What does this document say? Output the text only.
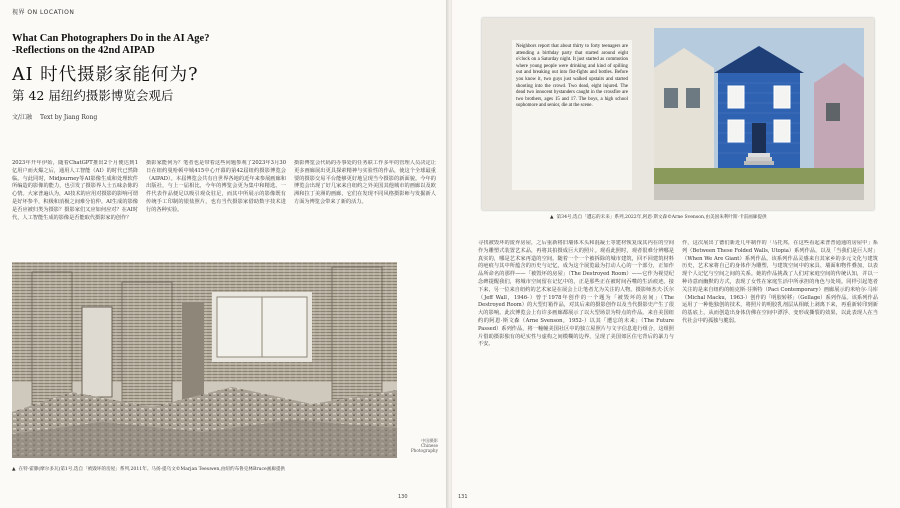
视界 ON LOCATION
What Can Photographers Do in the AI Age?
-Reflections on the 42nd AIPAD
AI 时代摄影家能何为?
第 42 届纽约摄影博览会观后
文/江融 Text by Jiang Rong

2023年开年伊始，随着ChatGPT推出2个月便达到1亿用户而火爆之后，通用人工智能（AI）的时代已然降临。与此同时，Midjourney等AI影像生成和处理软件所编造的影像的能力，也引发了摄影界人士五味杂陈的心情。大家普遍认为，AI技术的应用对摄影的影响可谓是好坏参半，积极和消极之间难分伯仲。AI生成的影像是否应被归类为摄影？摄影家们又应如何应对？在AI时代，人工智能生成的影像是否能取代摄影家的创作？

摄影家能何为？笔者也是带着这些问题参观了2023年3月30日在纽约曼哈顿中城415中心开幕的第42届纽约摄影博览会（AIPAD）。本届博览会共有自世界各地的近年来参展画廊和出版社，与上一届相比，今年的博览会更为集中和精选。一件代表作品便足以吸引观众驻足，而其中所展示的影像既有传统手工印制的银盐照片，也有当代摄影家借助数字技术进行的各种实验。

摄影博览会代码的办事处的任务联工作多年的管理人员决定让更多画廊展出更具探索精神与实验性的作品，使这个全球最重要的摄影交易平台能够更好地呈现当今摄影的新面貌。今年的博览会出现了好几家来自纽约之外美国其他城市的画廊以及欧洲和拉丁美洲的画廊，它们在发现不同风格摄影师与发掘新人方面为博览会带来了新的活力。

中国摄影
Chinese
Photography
▲ 在特·霍滕(摩尔多瓦)第1号,选自「被毁坏的房屋」系列,2011年。马扬·提乌文©Marjan Teeuwen,由纽约布鲁克林Bruce画廊提供
130
Neighbors report that about thirty to forty teenagers are attending a birthday party that started around eight o'clock on a Saturday night. It just started as commotion where young people were drinking and kind of spilling out and breaking out into fist-fights and bottles. Before you know it, two guys just walked upstairs and started shooting into the crowd. Two dead, eight injured. The dead two innocent bystanders caught in the crossfire are two brothers, ages 15 and 17. The boys, a high school sophomore and senior, die at the scene.
▲ 第34号,选自「遭忘的未来」系列,2022年,阿恩·斯文森©Arne Svenson,由美国朱利叶斯·卡雷画廊提供

寻找被毁坏的废弃房屋，之后重新将旧墙体木头和混凝土等建材恢复成其内在的空间作为雕塑式装置艺术品，再将其拍摄成巨大的照片。观看此照时，观者很难分辨哪是真实的，哪是艺术家再造的空间。随着一个一个被拆除的城市建筑，回不回建筑材料的疤痕与其中所蕴含的历史与记忆，成为这个展览最为打动人心的一个部分，正如作品所命名的那样——「被毁坏的房屋」（The Destroyed Room）——它作为视觉纪念碑提醒我们，将城市空间留在记忆中的，正是那些正在被时间吞噬的生活痕迹。接下来，另一位来自纽约的艺术家是在展会上让笔者尤为关注的人物。摄影师杰夫·沃尔（Jeff Wall，1946-）曾于1978年创作的一个题为「被毁坏的房间」（The Destroyed Room）的大型灯箱作品，对其后来的摄影创作以及当代摄影史产生了很大的影响。此次博览会上有许多画廊都展示了以大型场景为特点的作品。来自美国纽约的阿恩·斯文森（Arne Svenson，1952-）以其「遭忘的未来」（The Future Passed）系列作品，将一幢幢美国社区中的独立屋照片与文字信息进行组合，这组照片借助摄影独有的纪实性与虚构之间模糊的边界，呈现了美国郊区住宅背后的暴力与不安。

作，这次展出了德们新近几年制作的「马托邦，在这些看起来普普通通的房屋中」系列（Between These Folded Walls, Utopia）系列作品，以及「当我们是巨人时」（When We Are Giant）系列作品。该系列作品灵感来自其家乡的多元文化与建筑历史，艺术家将自己的身体作为雕塑，与建筑空间中的家具、墙面和物件叠加，以表现个人记忆与空间之间的关系。她的作品挑战了人们对家庭空间的传统认知，并以一种诗意而幽默的方式，表现了女性在家庭生活中所承担的角色与处境。同样引起笔者关注的是来自纽约的帕克斯·芬斯特（Paci Contemporary）画廊展示的米哈尔·马库（Michal Macku，1963-）创作的「明胶转移」（Gellage）系列作品。该系列作品运用了一种他独创的技术，将照片的明胶乳剂层从相纸上剥离下来，再重新转印到新的基底上，从而创造出身体仿佛在空间中漂浮、变形或撕裂的效果，以此表现人在当代社会中的孤独与脆弱。

131
